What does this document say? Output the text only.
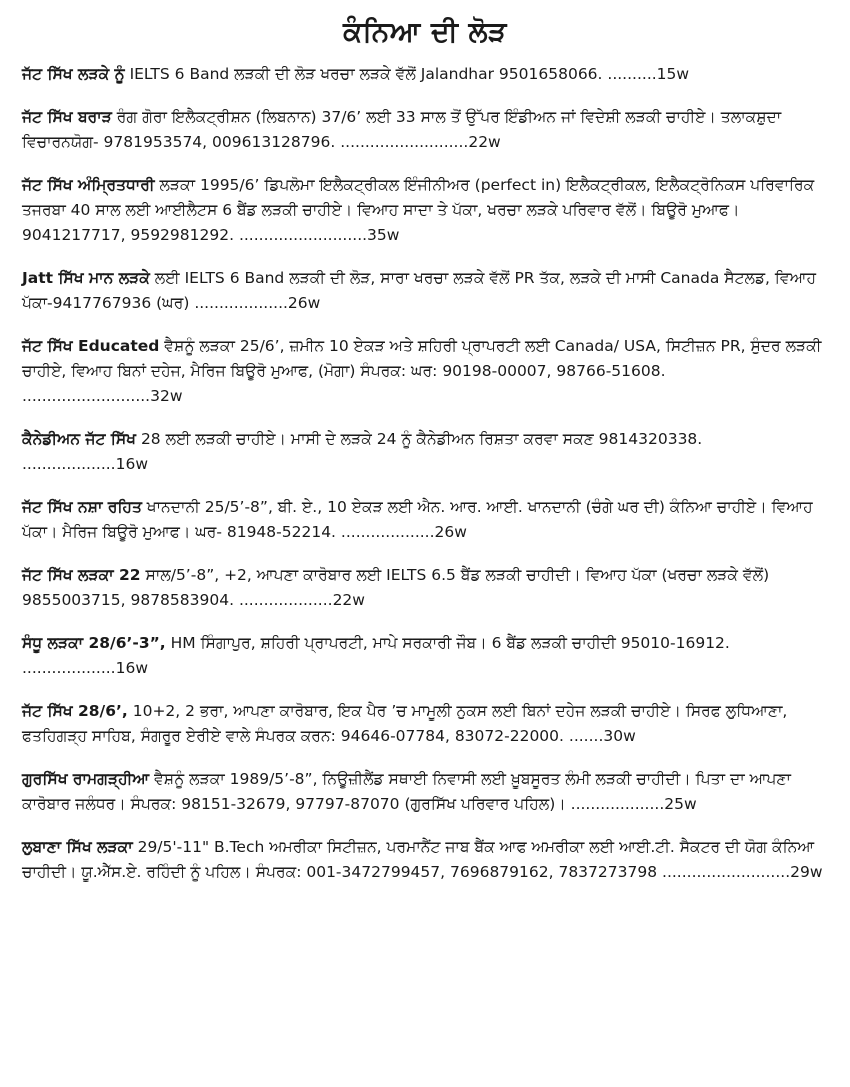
ਕੰਨਿਆ ਦੀ ਲੋੜ
ਜੱਟ ਸਿੱਖ ਲੜਕੇ ਨੂੰ IELTS 6 Band ਲੜਕੀ ਦੀ ਲੋੜ ਖਰਚਾ ਲੜਕੇ ਵੱਲੋਂ Jalandhar 9501658066. ..........15w
ਜੱਟ ਸਿੱਖ ਬਰਾੜ ਰੰਗ ਗੋਰਾ ਇਲੈਕਟ੍ਰੀਸ਼ਨ (ਲਿਬਨਾਨ) 37/6’ ਲਈ 33 ਸਾਲ ਤੋਂ ਉੱਪਰ ਇੰਡੀਅਨ ਜਾਂ ਵਿਦੇਸ਼ੀ ਲੜਕੀ ਚਾਹੀਏ। ਤਲਾਕਸ਼ੁਦਾ ਵਿਚਾਰਨਯੋਗ- 9781953574, 009613128796. ..........................22w
ਜੱਟ ਸਿੱਖ ਅੰਮ੍ਰਿਤਧਾਰੀ ਲੜਕਾ 1995/6’ ਡਿਪਲੋਮਾ ਇਲੈਕਟ੍ਰੀਕਲ ਇੰਜੀਨੀਅਰ (perfect in) ਇਲੈਕਟ੍ਰੀਕਲ, ਇਲੈਕਟ੍ਰੋਨਿਕਸ ਪਰਿਵਾਰਿਕ ਤਜਰਬਾ 40 ਸਾਲ ਲਈ ਆਈਲੈਟਸ 6 ਬੈਂਡ ਲੜਕੀ ਚਾਹੀਏ। ਵਿਆਹ ਸਾਦਾ ਤੇ ਪੱਕਾ, ਖਰਚਾ ਲੜਕੇ ਪਰਿਵਾਰ ਵੱਲੋਂ। ਬਿਊਰੋ ਮੁਆਫ। 9041217717, 9592981292. ..........................35w
Jatt ਸਿੱਖ ਮਾਨ ਲੜਕੇ ਲਈ IELTS 6 Band ਲੜਕੀ ਦੀ ਲੋੜ, ਸਾਰਾ ਖਰਚਾ ਲੜਕੇ ਵੱਲੋਂ PR ਤੱਕ, ਲੜਕੇ ਦੀ ਮਾਸੀ Canada ਸੈਟਲਡ, ਵਿਆਹ ਪੱਕਾ-9417767936 (ਘਰ) ...................26w
ਜੱਟ ਸਿੱਖ Educated ਵੈਸ਼ਨੂੰ ਲੜਕਾ 25/6’, ਜ਼ਮੀਨ 10 ਏਕੜ ਅਤੇ ਸ਼ਹਿਰੀ ਪ੍ਰਾਪਰਟੀ ਲਈ Canada/ USA, ਸਿਟੀਜ਼ਨ PR, ਸੁੰਦਰ ਲੜਕੀ ਚਾਹੀਏ, ਵਿਆਹ ਬਿਨਾਂ ਦਹੇਜ, ਮੈਰਿਜ ਬਿਊਰੋ ਮੁਆਫ, (ਮੋਗਾ) ਸੰਪਰਕ: ਘਰ: 90198-00007, 98766-51608. ..........................32w
ਕੈਨੇਡੀਅਨ ਜੱਟ ਸਿੱਖ 28 ਲਈ ਲੜਕੀ ਚਾਹੀਏ। ਮਾਸੀ ਦੇ ਲੜਕੇ 24 ਨੂੰ ਕੈਨੇਡੀਅਨ ਰਿਸ਼ਤਾ ਕਰਵਾ ਸਕਣ 9814320338. ...................16w
ਜੱਟ ਸਿੱਖ ਨਸ਼ਾ ਰਹਿਤ ਖਾਨਦਾਨੀ 25/5’-8”, ਬੀ. ਏ., 10 ਏਕੜ ਲਈ ਐਨ. ਆਰ. ਆਈ. ਖਾਨਦਾਨੀ (ਚੰਗੇ ਘਰ ਦੀ) ਕੰਨਿਆ ਚਾਹੀਏ। ਵਿਆਹ ਪੱਕਾ। ਮੈਰਿਜ ਬਿਊਰੋ ਮੁਆਫ। ਘਰ- 81948-52214. ...................26w
ਜੱਟ ਸਿੱਖ ਲੜਕਾ 22 ਸਾਲ/5’-8”, +2, ਆਪਣਾ ਕਾਰੋਬਾਰ ਲਈ IELTS 6.5 ਬੈਂਡ ਲੜਕੀ ਚਾਹੀਦੀ। ਵਿਆਹ ਪੱਕਾ (ਖਰਚਾ ਲੜਕੇ ਵੱਲੋਂ) 9855003715, 9878583904. ...................22w
ਸੰਧੂ ਲੜਕਾ 28/6’-3”, HM ਸਿੰਗਾਪੁਰ, ਸ਼ਹਿਰੀ ਪ੍ਰਾਪਰਟੀ, ਮਾਪੇ ਸਰਕਾਰੀ ਜੌਬ। 6 ਬੈਂਡ ਲੜਕੀ ਚਾਹੀਦੀ 95010-16912. ...................16w
ਜੱਟ ਸਿੱਖ 28/6’, 10+2, 2 ਭਰਾ, ਆਪਣਾ ਕਾਰੋਬਾਰ, ਇਕ ਪੈਰ ’ਚ ਮਾਮੂਲੀ ਨੁਕਸ ਲਈ ਬਿਨਾਂ ਦਹੇਜ ਲੜਕੀ ਚਾਹੀਏ। ਸਿਰਫ ਲੁਧਿਆਣਾ, ਫਤਹਿਗੜ੍ਹ ਸਾਹਿਬ, ਸੰਗਰੂਰ ਏਰੀਏ ਵਾਲੇ ਸੰਪਰਕ ਕਰਨ: 94646-07784, 83072-22000. .......30w
ਗੁਰਸਿੱਖ ਰਾਮਗੜ੍ਹੀਆ ਵੈਸ਼ਨੂੰ ਲੜਕਾ 1989/5’-8”, ਨਿਊਜ਼ੀਲੈਂਡ ਸਥਾਈ ਨਿਵਾਸੀ ਲਈ ਖ਼ੂਬਸੂਰਤ ਲੰਮੀ ਲੜਕੀ ਚਾਹੀਦੀ। ਪਿਤਾ ਦਾ ਆਪਣਾ ਕਾਰੋਬਾਰ ਜਲੰਧਰ। ਸੰਪਰਕ: 98151-32679, 97797-87070 (ਗੁਰਸਿੱਖ ਪਰਿਵਾਰ ਪਹਿਲ)। ...................25w
ਲੁਬਾਣਾ ਸਿੱਖ ਲੜਕਾ 29/5'-11" B.Tech ਅਮਰੀਕਾ ਸਿਟੀਜ਼ਨ, ਪਰਮਾਨੈਂਟ ਜਾਬ ਬੈਂਕ ਆਫ ਅਮਰੀਕਾ ਲਈ ਆਈ.ਟੀ. ਸੈਕਟਰ ਦੀ ਯੋਗ ਕੰਨਿਆ ਚਾਹੀਦੀ। ਯੂ.ਐੱਸ.ਏ. ਰਹਿੰਦੀ ਨੂੰ ਪਹਿਲ। ਸੰਪਰਕ: 001-3472799457, 7696879162, 7837273798 ..........................29w
